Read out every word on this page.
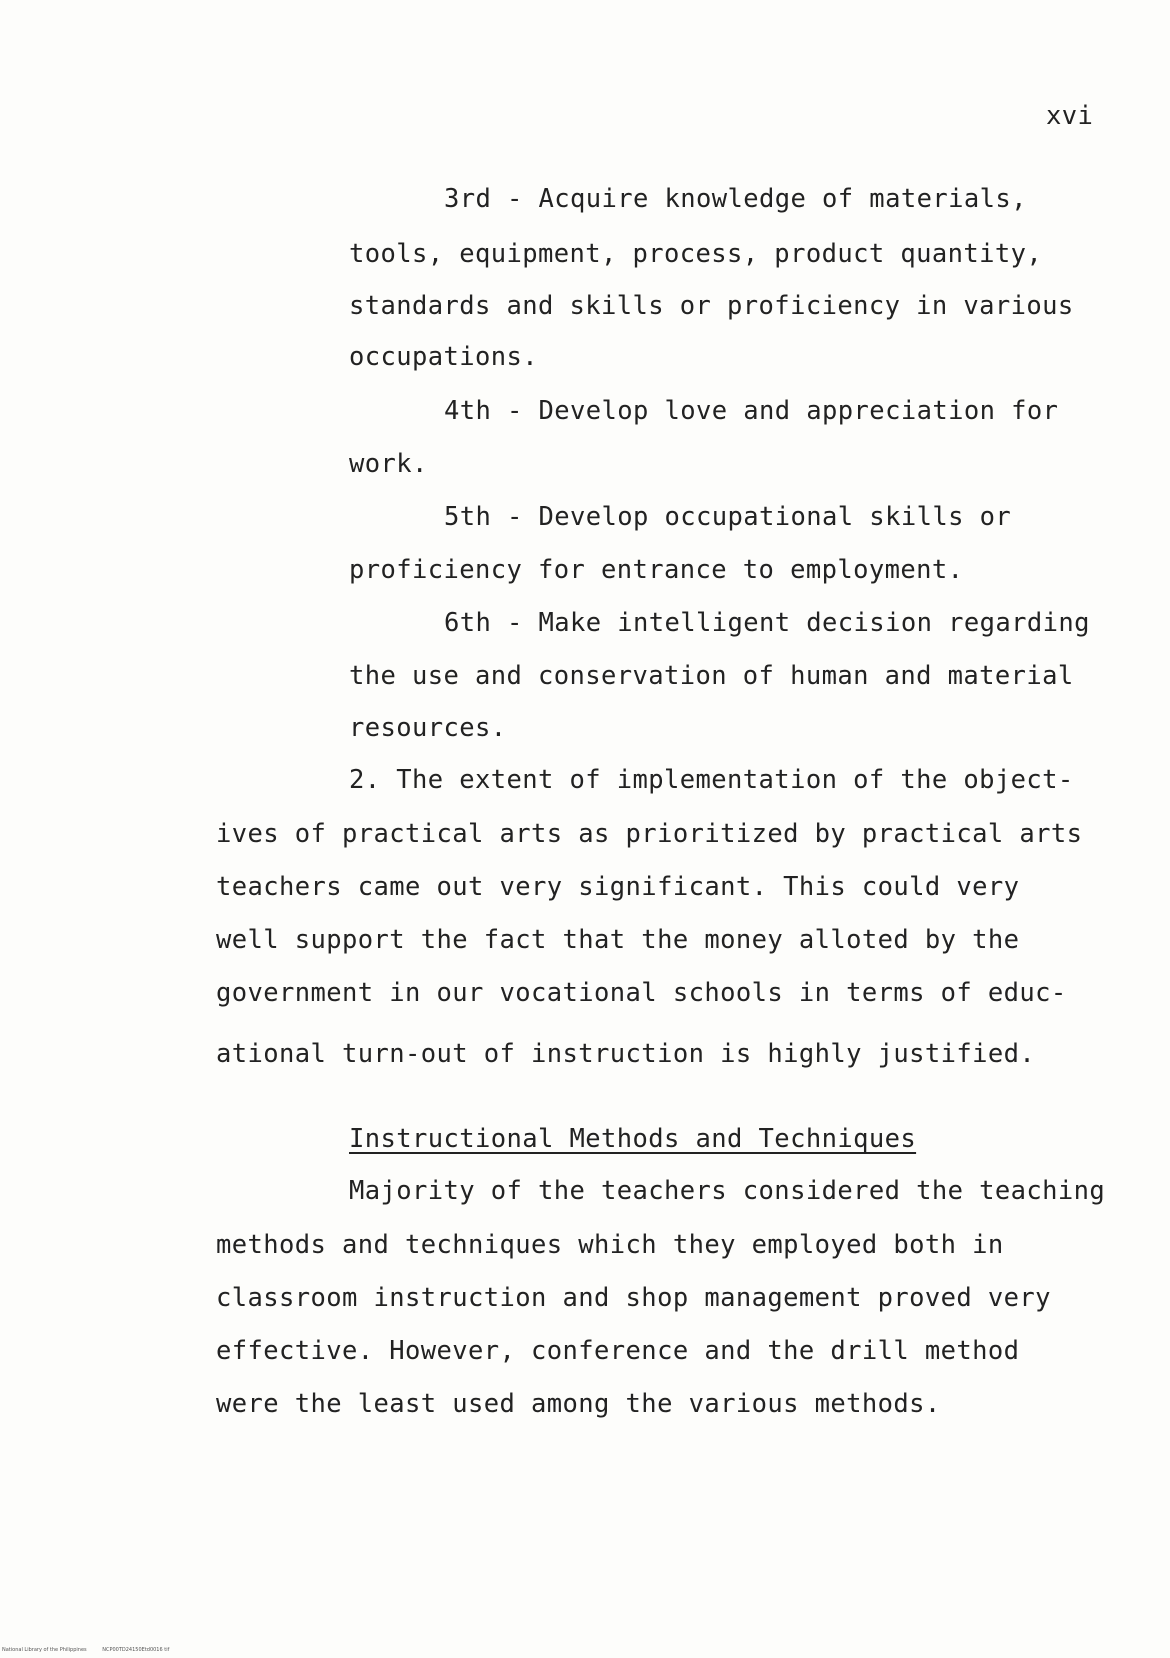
xvi
3rd - Acquire knowledge of materials,
tools, equipment, process, product quantity,
standards and skills or proficiency in various
occupations.
4th - Develop love and appreciation for
work.
5th - Develop occupational skills or
proficiency for entrance to employment.
6th - Make intelligent decision regarding
the use and conservation of human and material
resources.
2. The extent of implementation of the object-
ives of practical arts as prioritized by practical arts
teachers came out very significant. This could very
well support the fact that the money alloted by the
government in our vocational schools in terms of educ-
ational turn-out of instruction is highly justified.
Instructional Methods and Techniques
Majority of the teachers considered the teaching
methods and techniques which they employed both in
classroom instruction and shop management proved very
effective. However, conference and the drill method
were the least used among the various methods.
National Library of the Philippines	NCP00TD24150Etd0016 tif
